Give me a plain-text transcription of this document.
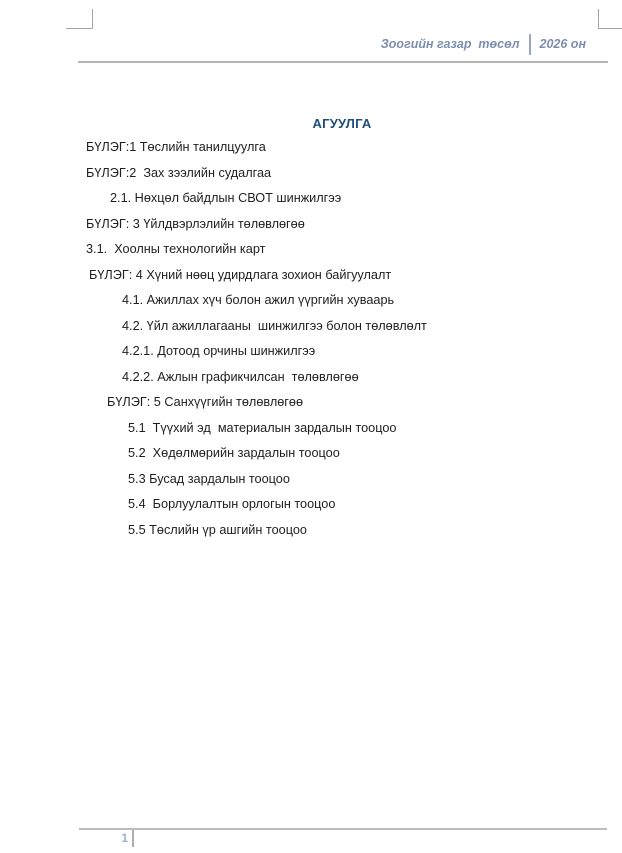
Зоогийн газар  төсөл 2026 он
АГУУЛГА
БҮЛЭГ:1 Төслийн танилцуулга
БҮЛЭГ:2  Зах зээлийн судалгаа
2.1. Нөхцөл байдлын СВОТ шинжилгээ
БҮЛЭГ: 3 Үйлдвэрлэлийн төлөвлөгөө
3.1.  Хоолны технологийн карт
БҮЛЭГ: 4 Хүний нөөц удирдлага зохион байгуулалт
4.1. Ажиллах хүч болон ажил үүргийн хуваарь
4.2. Үйл ажиллагааны  шинжилгээ болон төлөвлөлт
4.2.1. Дотоод орчины шинжилгээ
4.2.2. Ажлын графикчилсан  төлөвлөгөө
БҮЛЭГ: 5 Санхүүгийн төлөвлөгөө
5.1  Түүхий эд  материалын зардалын тооцоо
5.2  Хөдөлмөрийн зардалын тооцоо
5.3 Бусад зардалын тооцоо
5.4  Борлуулалтын орлогын тооцоо
5.5 Төслийн үр ашгийн тооцоо
1
